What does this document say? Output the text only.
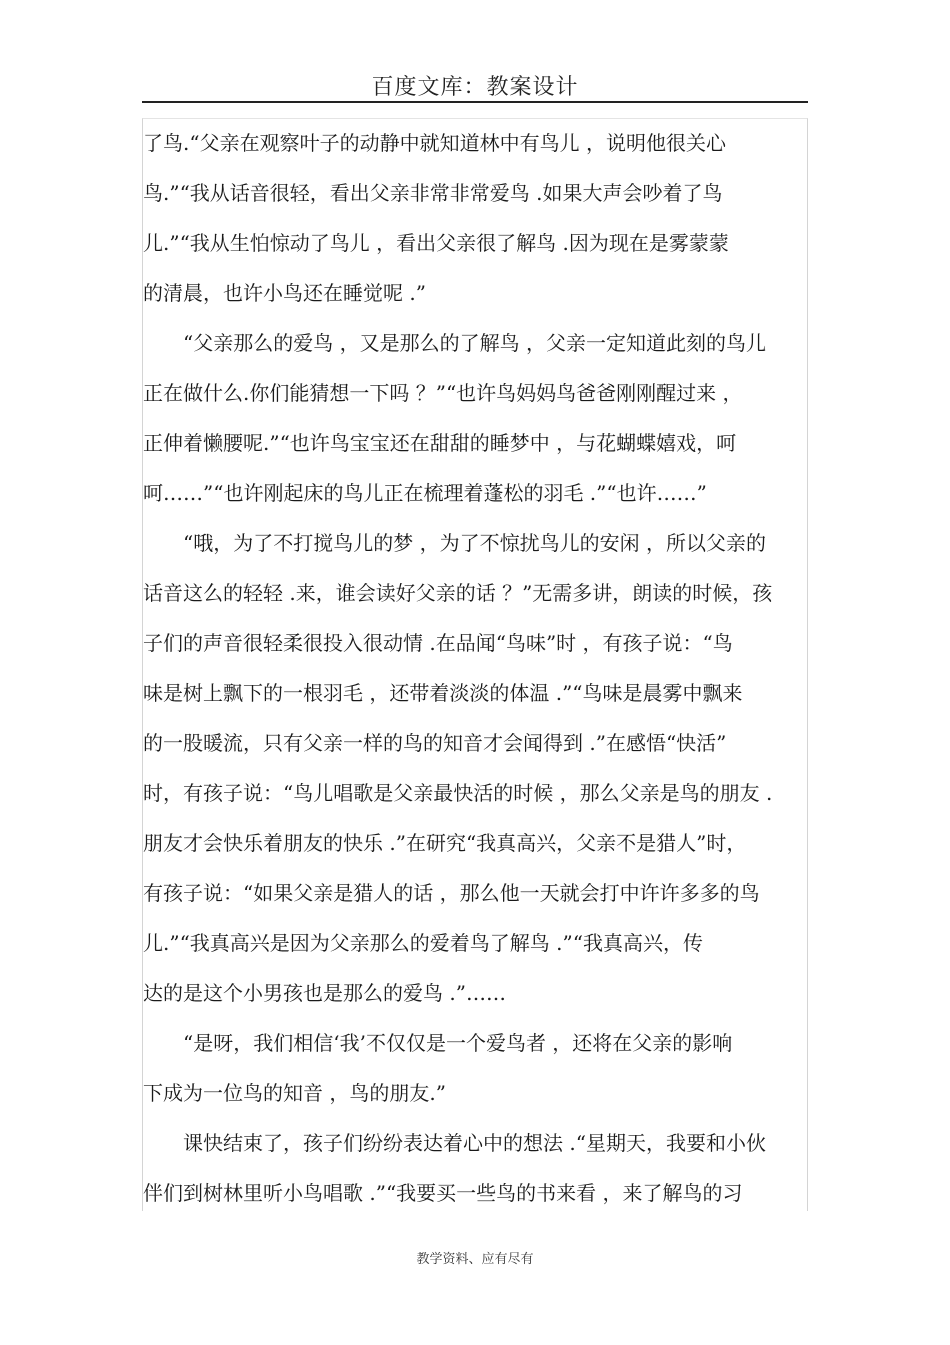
百度文库：教案设计
了鸟.“父亲在观察叶子的动静中就知道林中有鸟儿 ，说明他很关心
鸟.”“我从话音很轻，看出父亲非常非常爱鸟 .如果大声会吵着了鸟
儿.”“我从生怕惊动了鸟儿 ，看出父亲很了解鸟 .因为现在是雾蒙蒙
的清晨，也许小鸟还在睡觉呢 .”
“父亲那么的爱鸟 ，又是那么的了解鸟 ，父亲一定知道此刻的鸟儿
正在做什么.你们能猜想一下吗 ？”“也许鸟妈妈鸟爸爸刚刚醒过来 ，
正伸着懒腰呢.”“也许鸟宝宝还在甜甜的睡梦中 ，与花蝴蝶嬉戏，呵
呵……”“也许刚起床的鸟儿正在梳理着蓬松的羽毛 .”“也许……”
“哦，为了不打搅鸟儿的梦 ，为了不惊扰鸟儿的安闲 ，所以父亲的
话音这么的轻轻 .来，谁会读好父亲的话 ？”无需多讲，朗读的时候，孩
子们的声音很轻柔很投入很动情 .在品闻“鸟味”时 ，有孩子说：“鸟
味是树上飘下的一根羽毛 ，还带着淡淡的体温 .”“鸟味是晨雾中飘来
的一股暖流，只有父亲一样的鸟的知音才会闻得到 .”在感悟“快活”
时，有孩子说：“鸟儿唱歌是父亲最快活的时候 ，那么父亲是鸟的朋友 .
朋友才会快乐着朋友的快乐 .”在研究“我真高兴，父亲不是猎人”时，
有孩子说：“如果父亲是猎人的话 ，那么他一天就会打中许许多多的鸟
儿.”“我真高兴是因为父亲那么的爱着鸟了解鸟 .”“我真高兴，传
达的是这个小男孩也是那么的爱鸟 .”……
“是呀，我们相信‘我’不仅仅是一个爱鸟者 ，还将在父亲的影响
下成为一位鸟的知音 ，鸟的朋友.”
课快结束了，孩子们纷纷表达着心中的想法 .“星期天，我要和小伙
伴们到树林里听小鸟唱歌 .”“我要买一些鸟的书来看 ，来了解鸟的习
教学资料、应有尽有
